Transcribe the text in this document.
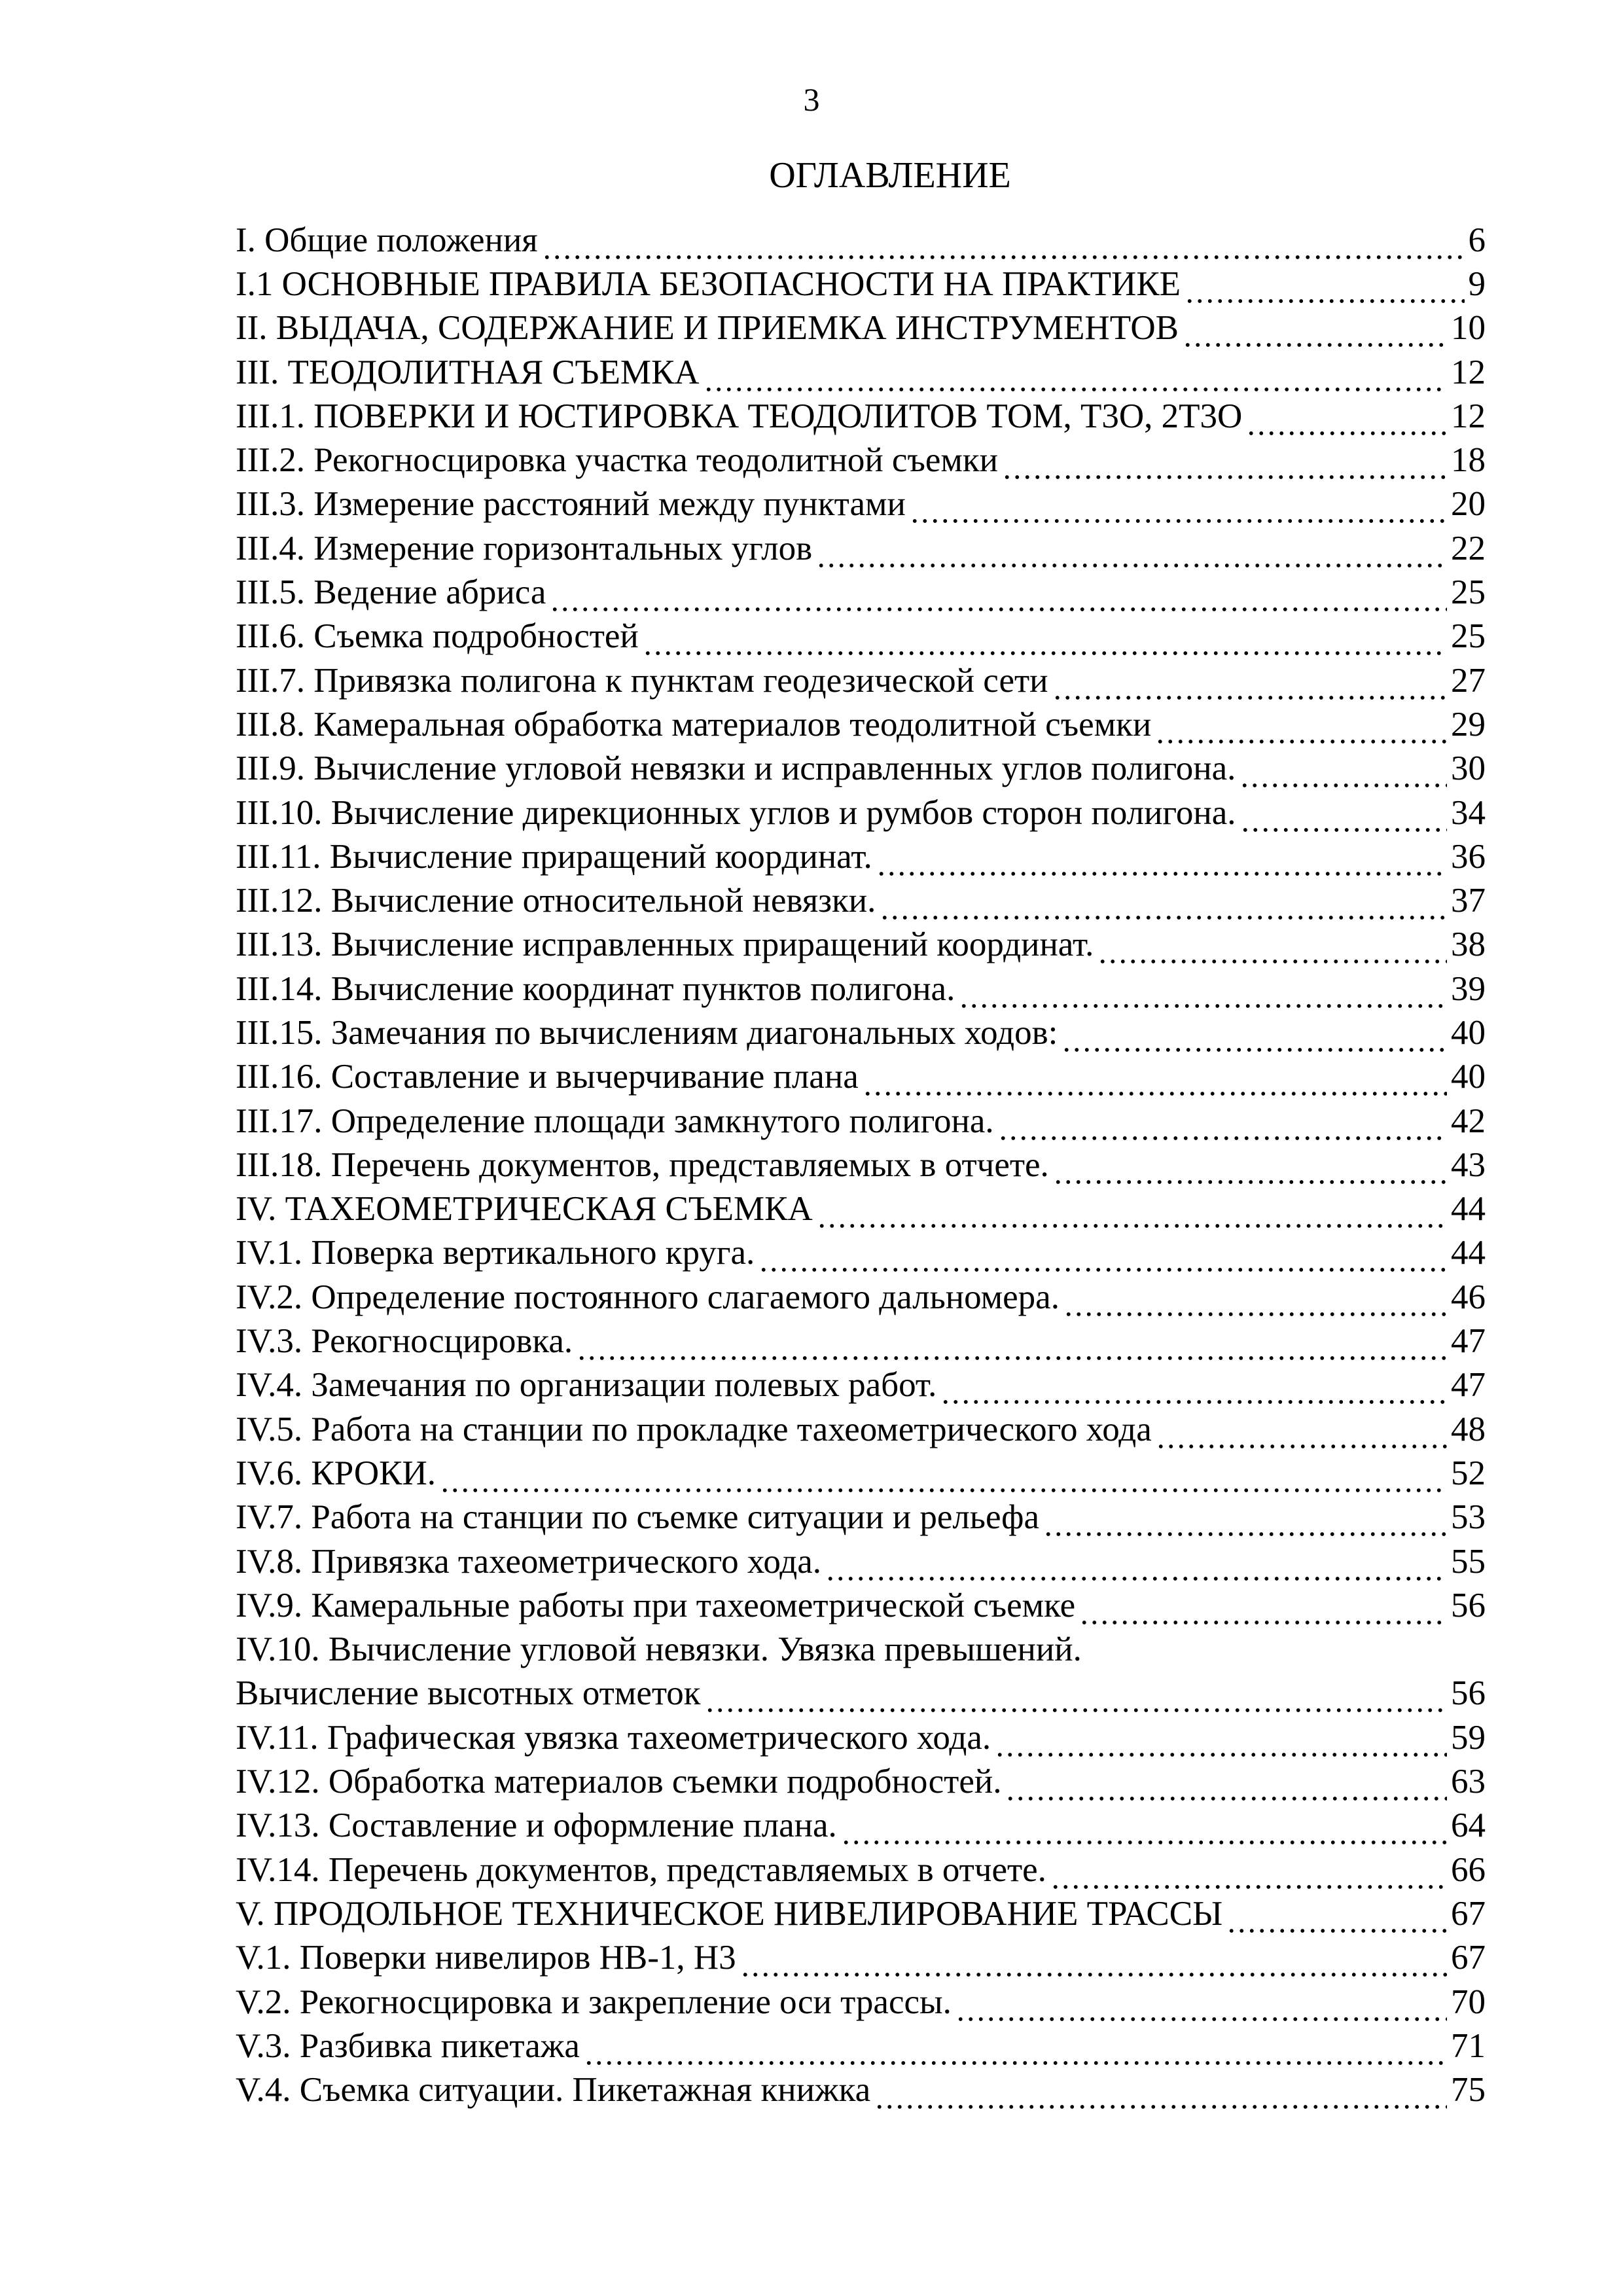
3
ОГЛАВЛЕНИЕ
I. Общие положения	6
I.1 ОСНОВНЫЕ ПРАВИЛА БЕЗОПАСНОСТИ НА ПРАКТИКЕ	9
II. ВЫДАЧА, СОДЕРЖАНИЕ И ПРИЕМКА ИНСТРУМЕНТОВ	10
III. ТЕОДОЛИТНАЯ СЪЕМКА	12
III.1. ПОВЕРКИ И ЮСТИРОВКА ТЕОДОЛИТОВ ТОМ, Т3О, 2Т3О	12
III.2. Рекогносцировка участка теодолитной съемки	18
III.3. Измерение расстояний между пунктами	20
III.4. Измерение горизонтальных углов	22
III.5. Ведение абриса	25
III.6. Съемка подробностей	25
III.7. Привязка полигона к пунктам геодезической сети	27
III.8. Камеральная обработка материалов теодолитной съемки	29
III.9. Вычисление угловой невязки и исправленных углов полигона.	30
III.10. Вычисление дирекционных углов и румбов сторон полигона.	34
III.11. Вычисление приращений координат.	36
III.12. Вычисление относительной невязки.	37
III.13. Вычисление исправленных приращений координат.	38
III.14. Вычисление координат пунктов полигона.	39
III.15. Замечания по вычислениям диагональных ходов:	40
III.16. Составление и вычерчивание плана	40
III.17. Определение площади замкнутого полигона.	42
III.18. Перечень документов, представляемых в отчете.	43
IV. ТАХЕОМЕТРИЧЕСКАЯ СЪЕМКА	44
IV.1. Поверка вертикального круга.	44
IV.2. Определение постоянного слагаемого дальномера.	46
IV.3. Рекогносцировка.	47
IV.4. Замечания по организации полевых работ.	47
IV.5. Работа на станции по прокладке тахеометрического хода	48
IV.6. КРОКИ.	52
IV.7. Работа на станции по съемке ситуации и рельефа	53
IV.8. Привязка тахеометрического хода.	55
IV.9. Камеральные работы при тахеометрической съемке	56
IV.10. Вычисление угловой невязки. Увязка превышений.
Вычисление высотных отметок	56
IV.11. Графическая увязка тахеометрического хода.	59
IV.12. Обработка материалов съемки подробностей.	63
IV.13. Составление и оформление плана.	64
IV.14. Перечень документов, представляемых в отчете.	66
V. ПРОДОЛЬНОЕ ТЕХНИЧЕСКОЕ НИВЕЛИРОВАНИЕ ТРАССЫ	67
V.1. Поверки нивелиров НВ-1, Н3	67
V.2. Рекогносцировка и закрепление оси трассы.	70
V.3. Разбивка пикетажа	71
V.4. Съемка ситуации. Пикетажная книжка	75
